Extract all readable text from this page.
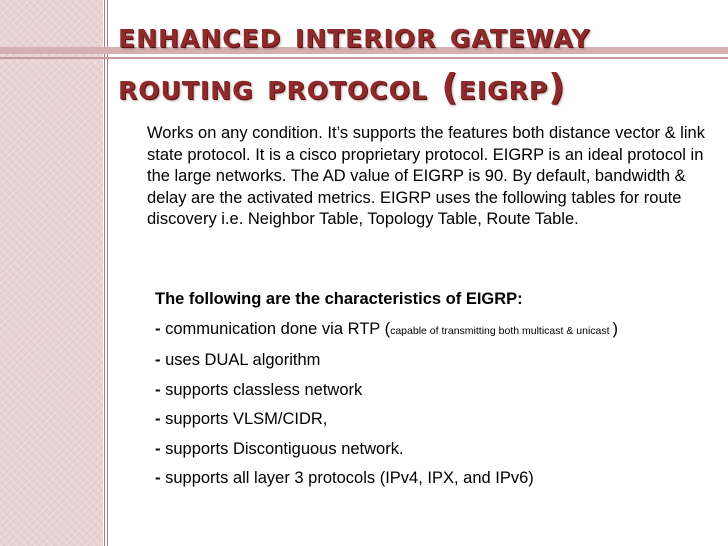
enhanced interior gateway
routing protocol (eigrp)
Works on any condition. It’s supports the features both distance vector & link state protocol. It is a cisco proprietary protocol. EIGRP is an ideal protocol in the large networks. The AD value of EIGRP is 90. By default, bandwidth & delay are the activated metrics. EIGRP uses the following tables for route discovery i.e. Neighbor Table, Topology Table, Route Table.
The following are the characteristics of EIGRP:
- communication done via RTP (capable of transmitting both multicast & unicast )
- uses DUAL algorithm
- supports classless network
- supports VLSM/CIDR,
- supports Discontiguous network.
- supports all layer 3 protocols (IPv4, IPX, and IPv6)
